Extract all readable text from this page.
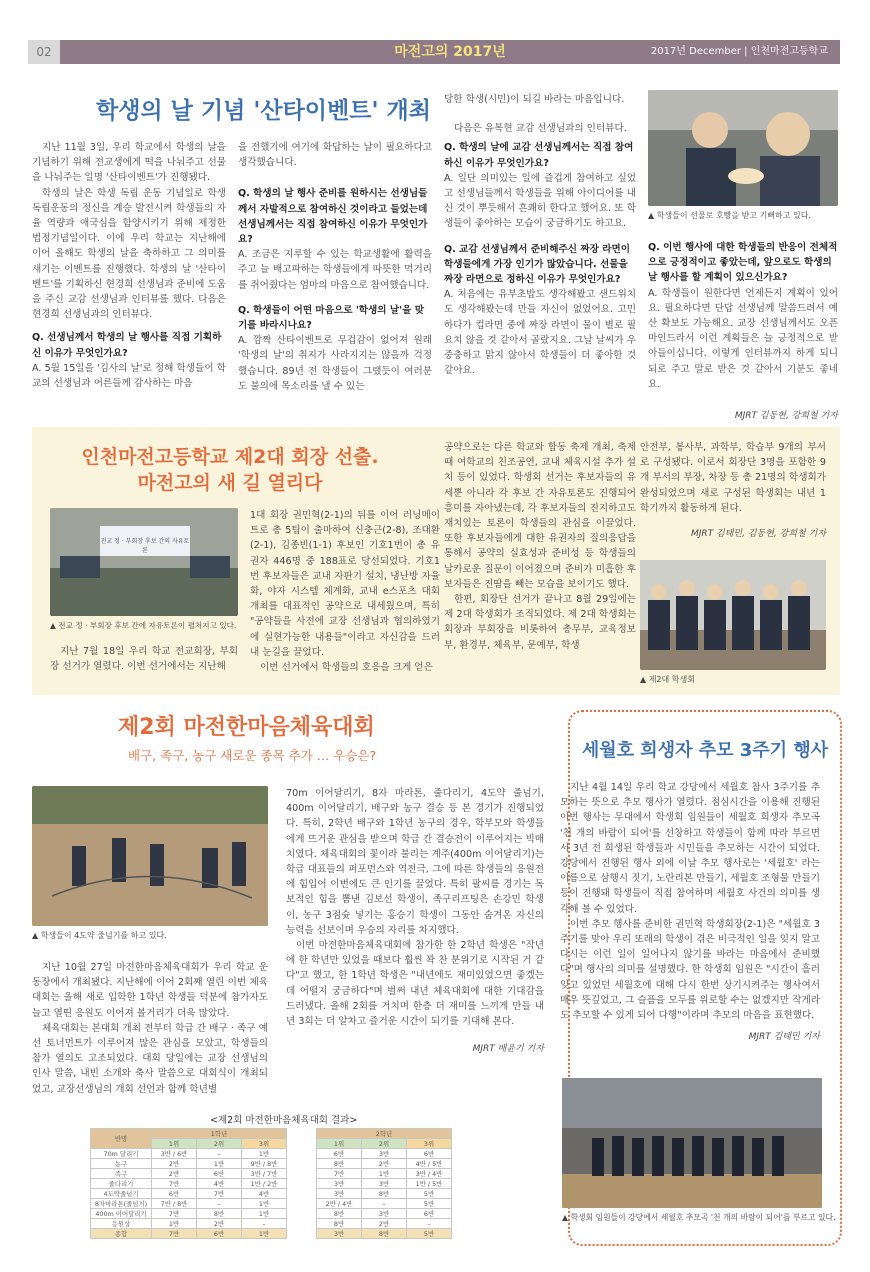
02	마전고의 2017년	2017년 December | 인천마전고등학교
학생의 날 기념 '산타이벤트' 개최

지난 11월 3일, 우리 학교에서 학생의 날을 기념하기 위해 전교생에게 떡을 나눠주고 선물을 나눠주는 일명 '산타이벤트'가 진행됐다.

학생의 날은 학생 독립 운동 기념일로 학생 독립운동의 정신을 계승 발전시켜 학생들의 자율 역량과 애국심을 함양시키기 위해 제정한 법정기념일이다. 이에 우리 학교는 지난해에 이어 올해도 학생의 날을 축하하고 그 의미를 새기는 이벤트를 진행했다. 학생의 날 '산타이벤트'를 기획하신 현경희 선생님과 준비에 도움을 주신 교감 선생님과 인터뷰를 했다. 다음은 현경희 선생님과의 인터뷰다.

Q. 선생님께서 학생의 날 행사를 직접 기획하신 이유가 무엇인가요?

A. 5월 15일을 '김사의 날'로 정해 학생들이 학교의 선생님과 어른들께 감사하는 마음

을 전했기에 여기에 화답하는 날이 필요하다고 생각했습니다.

Q. 학생의 날 행사 준비를 원하시는 선생님들께서 자발적으로 참여하신 것이라고 들었는데 선생님께서는 직접 참여하신 이유가 무엇인가요?

A. 조금은 지루할 수 있는 학교생활에 활력을 주고 늘 배고파하는 학생들에게 따뜻한 먹거리를 쥐어줬다는 엄마의 마음으로 참여했습니다.

Q. 학생들이 어떤 마음으로 '학생의 날'을 맞기를 바라시나요?

A. 깜짝 산타이벤트로 무겁감이 없어져 원래 '학생의 날'의 취지가 사라지지는 않을까 걱정했습니다. 89년 전 학생들이 그랬듯이 여러분도 불의에 목소리를 낼 수 있는

당한 학생(시민)이 되길 바라는 마음입니다.

다음은 유복현 교감 선생님과의 인터뷰다.

Q. 학생의 날에 교감 선생님께서는 직접 참여하신 이유가 무엇인가요?

A. 일단 의미있는 일에 즐겁게 참여하고 싶었고 선생님들께서 학생들을 위해 아이디어를 내신 것이 뿌듯해서 흔쾌히 한다고 했어요. 또 학생들이 좋아하는 모습이 궁금하기도 하고요.

Q. 교감 선생님께서 준비해주신 짜장 라면이 학생들에게 가장 인기가 많았습니다. 선물을 짜장 라면으로 정하신 이유가 무엇인가요?

A. 처음에는 유부초밥도 생각해봤고 샌드위치도 생각해봤는데 만들 자신이 없었어요. 고민하다가 컵라면 중에 짜장 라면이 물이 별로 필요치 않을 것 같아서 골랐지요. 그날 날씨가 우중충하고 맑지 않아서 학생들이 더 좋아한 것 같아요.

▲ 학생들이 선물로 호빵을 받고 기뻐하고 있다.

Q. 이번 행사에 대한 학생들의 반응이 전체적으로 긍정적이고 좋았는데, 앞으로도 학생의 날 행사를 할 계획이 있으신가요?

A. 학생들이 원한다면 언제든지 계획이 있어요. 필요하다면 단답 선생님께 말씀드려서 예산 확보도 가능해요. 교장 선생님께서도 오픈마인드라서 이런 계획들은 늘 긍정적으로 받아들이십니다. 이렇게 인터뷰까지 하게 되니 되로 주고 말로 받은 것 같아서 기분도 좋네요.

MJRT 김동현, 강희철 기자

인천마전고등학교 제2대 회장 선출.
마전고의 새 길 열리다
전교 정 · 부회장 후보 간의 자유토론
▲ 전교 정 · 부회장 후보 간에 자유토론이 펼쳐지고 있다.
지난 7월 18일 우리 학교 전교회장, 부회장 선거가 열렸다. 이번 선거에서는 지난해

1대 회장 권민혁(2-1)의 뒤를 이어 러닝메이트로 총 5팀이 출마하여 신충근(2-8), 조대환(2-1), 김종빈(1-1) 후보인 기호1번이 총 유권자 446명 중 188표로 당선되었다. 기호1번 후보자들은 교내 자판기 설치, 냉난방 자율화, 야자 시스템 체계화, 교내 e스포츠 대회 개최를 대표적인 공약으로 내세웠으며, 특히 "공약들을 사전에 교장 선생님과 협의하였기에 실현가능한 내용들"이라고 자신감을 드러내 눈길을 끌었다.

이번 선거에서 학생들의 호응을 크게 얻은

공약으로는 다른 학교와 합동 축제 개최, 축제 때 여학교의 친조공연, 교내 체육시설 추가 설치 등이 있었다. 학생회 선거는 후보자들의 유세뿐 아니라 각 후보 간 자유토론도 진행되어 흥미를 자아냈는데, 각 후보자들의 진지하고도 재치있는 토론이 학생들의 관심을 이끌었다. 또한 후보자들에게 대한 유권자의 질의응답을 통해서 공약의 실효성과 준비성 등 학생들의 날카로운 질문이 이어졌으며 준비가 미흡한 후보자들은 진땀을 빼는 모습을 보이기도 했다.

한편, 회장단 선거가 끝나고 8월 29일에는 제 2대 학생회가 조직되었다. 제 2대 학생회는 회장과 부회장을 비롯하여 총무부, 교육정보부, 환경부, 체육부, 문예부, 학생

안전부, 봉사부, 과학부, 학습부 9개의 부서로 구성됐다. 이로서 회장단 3명을 포함한 9개 부서의 부장, 차장 등 총 21명의 학생회가 완성되었으며 새로 구성된 학생회는 내년 1학기까지 활동하게 된다.

MJRT 김태민, 김동현, 강희철 기자

▲ 제2대 학생회
제2회 마전한마음체육대회
배구, 족구, 농구 새로운 종목 추가 … 우승은?
▲ 학생들이 4도약 줄넘기를 하고 있다.

지난 10월 27일 마전한마음체육대회가 우리 학교 운동장에서 개최됐다. 지난해에 이어 2회째 열린 이번 체육대회는 올해 새로 입학한 1학년 학생들 덕분에 참가자도 늘고 열띤 응원도 이어져 볼거리가 더욱 많았다.

체육대회는 본대회 개최 전부터 학급 간 배구 · 족구 예선 토너먼트가 이루어져 많은 관심을 모았고, 학생들의 참가 열의도 고조되었다. 대회 당일에는 교장 선생님의 인사 말씀, 내빈 소개와 축사 말씀으로 대회식이 개최되었고, 교장선생님의 개회 선언과 함께 학년별

70m 이어달리기, 8자 마라톤, 줄다리기, 4도약 줄넘기, 400m 이어달리기, 배구와 농구 결승 등 본 경기가 진행되었다. 특히, 2학년 배구와 1학년 농구의 경우, 학부모와 학생들에게 뜨거운 관심을 받으며 학급 간 결승전이 이루어지는 빅매치였다. 체육대회의 꽃이라 불리는 계주(400m 이어달리기)는 학급 대표들의 퍼포먼스와 역전극, 그에 따른 학생들의 응원전에 힘입어 이번에도 큰 인기를 끌었다. 특히 팔씨름 경기는 독보적인 힘을 뽐낸 김보선 학생이, 족구리프팅은 손강민 학생이, 농구 3점슛 넣기는 홍승기 학생이 그동안 숨겨온 자신의 능력을 선보이며 우승의 자리를 차지했다.

이번 마전한마음체육대회에 참가한 한 2학년 학생은 "작년에 한 학년만 있었을 때보다 훨씬 꽉 찬 분위기로 시작된 거 같다"고 했고, 한 1학년 학생은 "내년에도 재미있었으면 좋겠는데 어떨지 궁금하다"며 벌써 내년 체육대회에 대한 기대감을 드러냈다. 올해 2회를 거치며 한층 더 재미를 느끼게 만들 내년 3회는 더 알차고 즐거운 시간이 되기를 기대해 본다.

MJRT 배윤기 기자

<제2회 마전한마음체육대회 결과>
반명	1학년		
	1위	2위	3위
70m 달리기	3반 / 6반	–	1반
농구	2반	1반	9반 / 8반
족구	2반	6반	3반 / 7반
줄다리기	7반	4반	1반 / 2반
4도약줄넘기	6반	7반	4반
8자마라톤(줄넘기)	7반 / 8반	–	1반
400m 이어달리기	7반	8반	1반
응원상	1반	2반	–
종합	7반	6반	1반
2학년		
1위	2위	3위
6반	3반	6반
8반	2반	4반 / 5반
7반	1반	3반 / 4반
3반	3반	1반 / 5반
3반	8반	5반
2반 / 4반	–	5반
8반	3반	6반
8반	2반	–
3반	8반	5반
세월호 희생자 추모 3주기 행사

지난 4월 14일 우리 학교 강당에서 세월호 참사 3주기를 추모하는 뜻으로 추모 행사가 열렸다. 점심시간을 이용해 진행된 이번 행사는 무대에서 학생회 임원들이 세월호 희생자 추모곡 '천 개의 바람이 되어'를 선창하고 학생들이 함께 따라 부르면서 3년 전 희생된 학생들과 시민들을 추모하는 시간이 되었다. 강당에서 진행된 행사 외에 이날 추모 행사로는 '세월호' 라는 이름으로 삼행시 짓기, 노란리본 만들기, 세월호 조형물 만들기 등이 진행돼 학생들이 직접 참여하며 세월호 사건의 의미를 생각해 볼 수 있었다.

이번 추모 행사를 준비한 권민혁 학생회장(2-1)은 "세월호 3주기를 맞아 우리 또래의 학생이 겪은 비극적인 일을 잊지 말고 다시는 이런 일이 일어나지 않기를 바라는 마음에서 준비했다"며 행사의 의미를 설명했다. 한 학생회 임원은 "시간이 흘러 잊고 있었던 세월호에 대해 다시 한번 상기시켜주는 행사여서 매우 뜻깊었고, 그 슬픔을 모두를 위로할 수는 없겠지만 작게라도 추모할 수 있게 되어 다행"이라며 추모의 마음을 표현했다.

MJRT 김태민 기자

▲ 학생회 임원들이 강당에서 세월호 추모곡 '천 개의 바람이 되어'를 부르고 있다.
